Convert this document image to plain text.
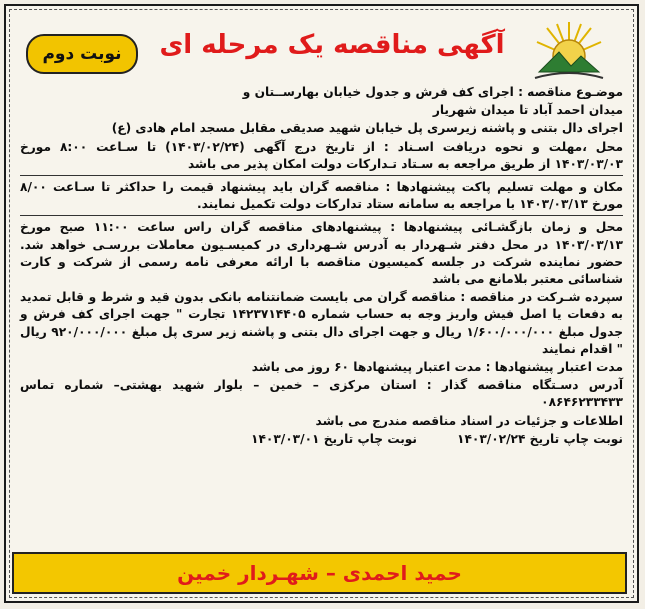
نوبت دوم	آگهی مناقصه یک مرحله ای

موضـوع مناقصه : اجرای کف فرش و جدول خیابان بهارســتان و

میدان احمد آباد تا میدان شهریار

اجرای دال بتنی و پاشنه زیرسری پل خیابان شهید صدیقی مقابل مسجد امام هادی (ع)

محل ،مهلت و نحوه دریافت اسـناد : از تاریخ درج آگهی (۱۴۰۳/۰۲/۲۴) تا سـاعت ۸:۰۰ مورخ ۱۴۰۳/۰۳/۰۳ از طریق مراجعه به سـتاد تـدارکات دولت امکان پذیر می باشد

مکان و مهلت تسلیم پاکت پیشنهادها : مناقصه گران باید پیشنهاد قیمت را حداکثر تا سـاعت ۸/۰۰ مورخ ۱۴۰۳/۰۳/۱۳ با مراجعه به سامانه ستاد تدارکات دولت تکمیل نمایند.

محل و زمان بازگشـائی پیشنهادها : پیشنهادهای مناقصه گران راس ساعت ۱۱:۰۰ صبح مورخ ۱۴۰۳/۰۳/۱۳ در محل دفتر شـهردار به آدرس شـهرداری در کمیسـیون معاملات بررسـی خواهد شد. حضور نماینده شرکت در جلسه کمیسیون مناقصه با ارائه معرفی نامه رسمی از شرکت و کارت شناسائی معتبر بلامانع می باشد

سپرده شـرکت در مناقصه : مناقصه گران می بایست ضمانتنامه بانکی بدون قید و شرط و قابل تمدید به دفعات یا اصل فیش واریز وجه به حساب شماره ۱۴۲۳۷۱۴۴۰۵ تجارت " جهت اجرای کف فرش و جدول مبلغ ۱/۶۰۰/۰۰۰/۰۰۰ ریال و جهت اجرای دال بتنی و پاشنه زیر سری پل مبلغ ۹۲۰/۰۰۰/۰۰۰ ریال " اقدام نمایند

مدت اعتبار پیشنهادها : مدت اعتبار پیشنهادها ۶۰ روز می باشد

آدرس دسـتگاه مناقصه گذار : استان مرکزی – خمین – بلوار شهید بهشتی– شماره تماس ۰۸۶۴۶۲۳۳۴۳۳

اطلاعات و جزئیات در اسناد مناقصه مندرج می باشد

نوبت چاپ تاریخ ۱۴۰۳/۰۲/۲۴
نوبت چاپ تاریخ ۱۴۰۳/۰۳/۰۱
حمید احمدی – شهـردار خمین
